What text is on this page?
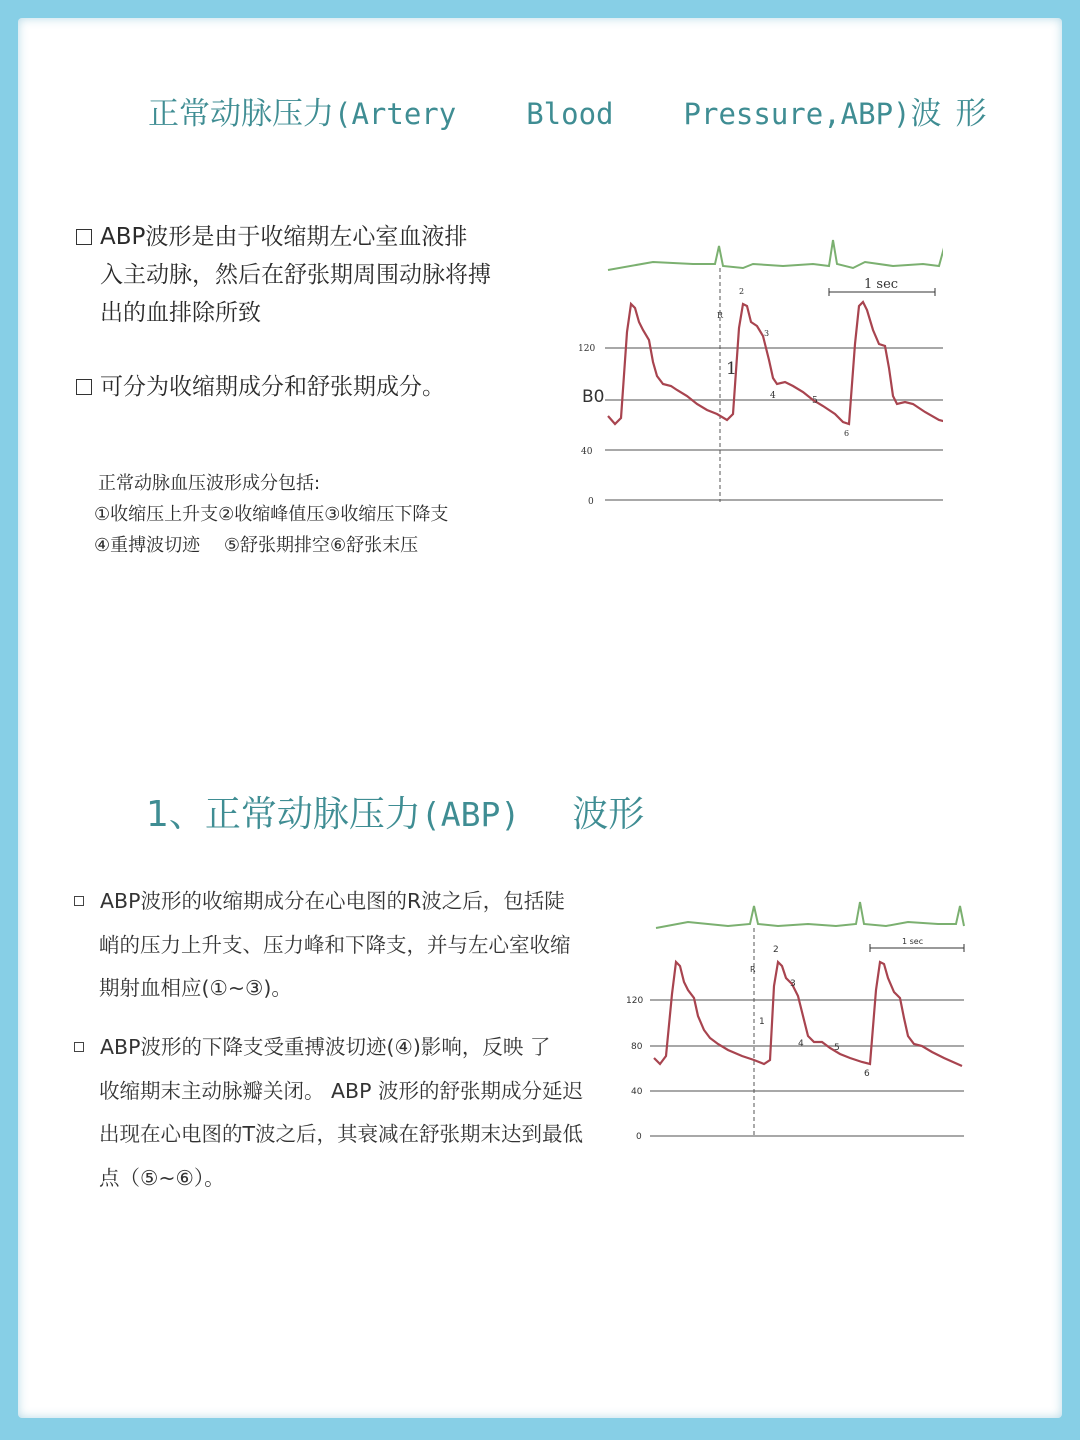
正常动脉压力(Artery Blood Pressure,ABP)波 形
ABP波形是由于收缩期左心室血液排
入主动脉，然后在舒张期周围动脉将搏
出的血排除所致
可分为收缩期成分和舒张期成分。
正常动脉血压波形成分包括:
①收缩压上升支②收缩峰值压③收缩压下降支
④重搏波切迹　 ⑤舒张期排空⑥舒张末压
1 sec
120
B0
40
0
1
2
3
4	5
6
R
1、正常动脉压力(ABP) 波形
ABP波形的收缩期成分在心电图的R波之后，包括陡
峭的压力上升支、压力峰和下降支，并与左心室收缩
期射血相应(①~③)。
ABP波形的下降支受重搏波切迹(④)影响，反映 了
收缩期末主动脉瓣关闭。 ABP 波形的舒张期成分延迟
出现在心电图的T波之后，其衰减在舒张期末达到最低
点（⑤~⑥）。
1 sec
120
80
40
0
1
2
3
4	5
6
R
